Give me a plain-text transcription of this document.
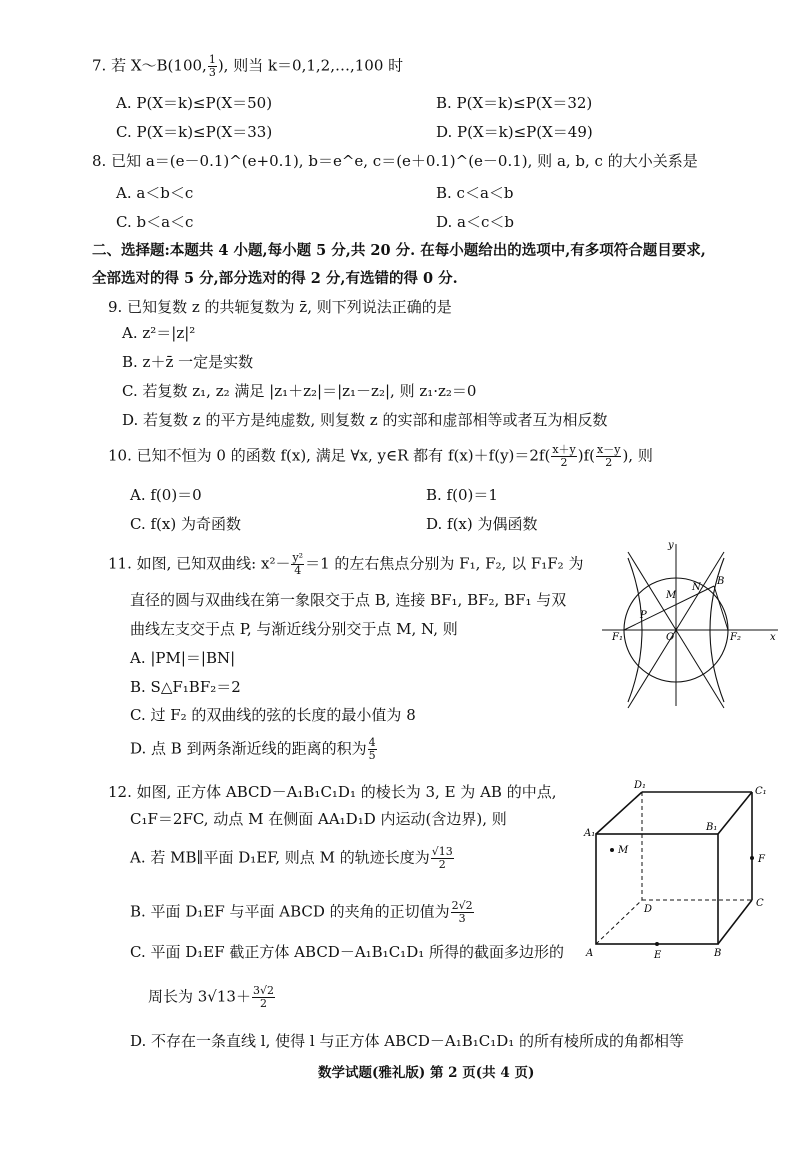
7. 若 X～B(100, $\frac{1}{3}$ ), 则当 k＝0,1,2,…,100 时
A. P(X＝k)≤P(X＝50)	B. P(X＝k)≤P(X＝32)
C. P(X＝k)≤P(X＝33)	D. P(X＝k)≤P(X＝49)
8. 已知 a＝(e－0.1)^(e+0.1), b＝e^e, c＝(e＋0.1)^(e－0.1), 则 a, b, c 的大小关系是
A. a＜b＜c	B. c＜a＜b
C. b＜a＜c	D. a＜c＜b
二、选择题:本题共 4 小题,每小题 5 分,共 20 分. 在每小题给出的选项中,有多项符合题目要求,
全部选对的得 5 分,部分选对的得 2 分,有选错的得 0 分.
9. 已知复数 z 的共轭复数为 z̄, 则下列说法正确的是
A. z²＝|z|²
B. z＋z̄ 一定是实数
C. 若复数 z₁, z₂ 满足 |z₁＋z₂|＝|z₁－z₂|, 则 z₁·z₂＝0
D. 若复数 z 的平方是纯虚数, 则复数 z 的实部和虚部相等或者互为相反数
10. 已知不恒为 0 的函数 f(x), 满足 ∀x, y∈R 都有 $f(x)+f(y)=2f( \frac{x+y}{2} )f( \frac{x-y}{2}$ ), 则
A. f(0)＝0	B. f(0)＝1
C. f(x) 为奇函数	D. f(x) 为偶函数
11. 如图, 已知双曲线: $x^2- \frac{\text{y²}}{4} =1$ 的左右焦点分别为 F₁, F₂, 以 F₁F₂ 为
直径的圆与双曲线在第一象限交于点 B, 连接 BF₁, BF₂, BF₁ 与双
曲线左支交于点 P, 与渐近线分别交于点 M, N, 则
A. |PM|＝|BN|
B. S△F₁BF₂＝2
C. 过 F₂ 的双曲线的弦的长度的最小值为 8
D. 点 B 到两条渐近线的距离的积为 $\frac{4}{5}$
y
x
O
F₁	F₂
B
M
N
P
12. 如图, 正方体 ABCD－A₁B₁C₁D₁ 的棱长为 3, E 为 AB 的中点,
C₁F＝2FC, 动点 M 在侧面 AA₁D₁D 内运动(含边界), 则
A. 若 MB∥平面 D₁EF, 则点 M 的轨迹长度为 $\frac{√13}{2}$
B. 平面 D₁EF 与平面 ABCD 的夹角的正切值为 $\frac{2√2}{3}$
C. 平面 D₁EF 截正方体 ABCD－A₁B₁C₁D₁ 所得的截面多边形的
周长为 $3√13+ \frac{3√2}{2}$
D. 不存在一条直线 l, 使得 l 与正方体 ABCD－A₁B₁C₁D₁ 的所有棱所成的角都相等
D₁
C₁
A₁
B₁
M
F
D
C
A	E	B
数学试题(雅礼版) 第 2 页(共 4 页)
